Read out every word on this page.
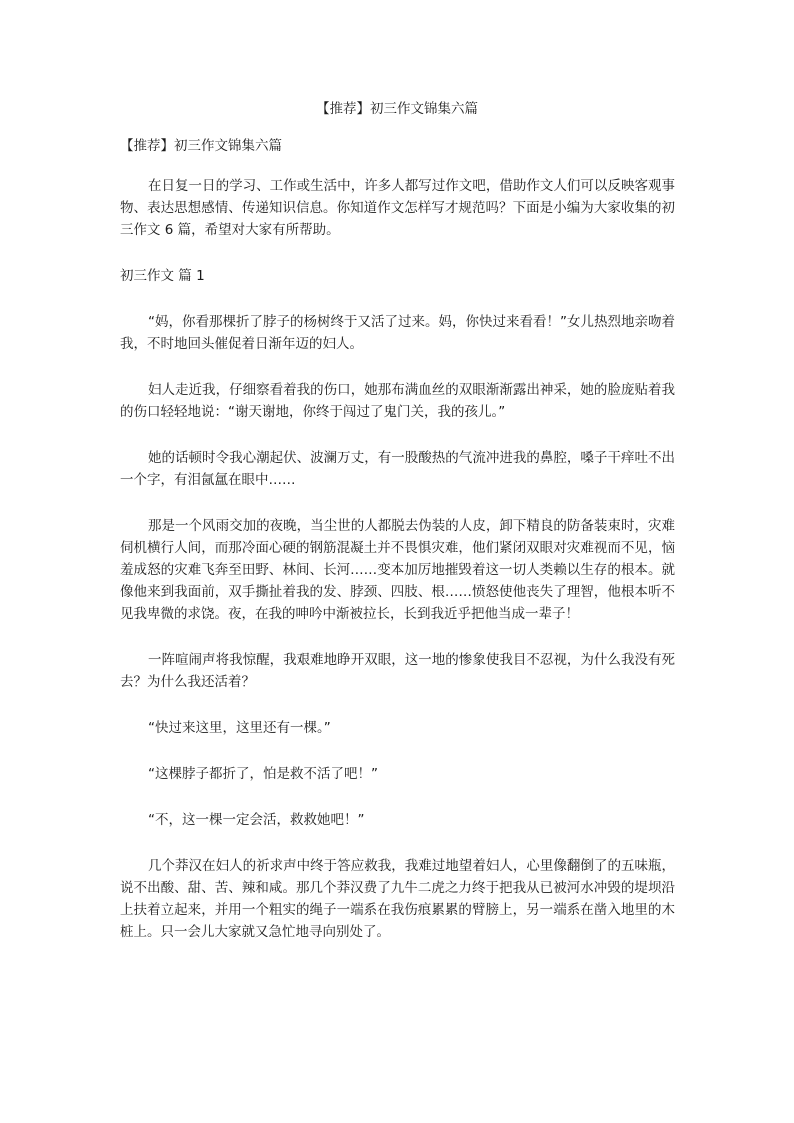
【推荐】初三作文锦集六篇

【推荐】初三作文锦集六篇

在日复一日的学习、工作或生活中，许多人都写过作文吧，借助作文人们可以反映客观事物、表达思想感情、传递知识信息。你知道作文怎样写才规范吗？下面是小编为大家收集的初三作文 6 篇，希望对大家有所帮助。

初三作文 篇 1

“妈，你看那棵折了脖子的杨树终于又活了过来。妈，你快过来看看！”女儿热烈地亲吻着我，不时地回头催促着日渐年迈的妇人。

妇人走近我，仔细察看着我的伤口，她那布满血丝的双眼渐渐露出神采，她的脸庞贴着我的伤口轻轻地说：“谢天谢地，你终于闯过了鬼门关，我的孩儿。”

她的话顿时令我心潮起伏、波澜万丈，有一股酸热的气流冲进我的鼻腔，嗓子干痒吐不出一个字，有泪氤氲在眼中……

那是一个风雨交加的夜晚，当尘世的人都脱去伪装的人皮，卸下精良的防备装束时，灾难伺机横行人间，而那冷面心硬的钢筋混凝土并不畏惧灾难，他们紧闭双眼对灾难视而不见，恼羞成怒的灾难飞奔至田野、林间、长河……变本加厉地摧毁着这一切人类赖以生存的根本。就像他来到我面前，双手撕扯着我的发、脖颈、四肢、根……愤怒使他丧失了理智，他根本听不见我卑微的求饶。夜，在我的呻吟中渐被拉长，长到我近乎把他当成一辈子！

一阵喧闹声将我惊醒，我艰难地睁开双眼，这一地的惨象使我目不忍视，为什么我没有死去？为什么我还活着？

“快过来这里，这里还有一棵。”

“这棵脖子都折了，怕是救不活了吧！”

“不，这一棵一定会活，救救她吧！”

几个莽汉在妇人的祈求声中终于答应救我，我难过地望着妇人，心里像翻倒了的五味瓶，说不出酸、甜、苦、辣和咸。那几个莽汉费了九牛二虎之力终于把我从已被河水冲毁的堤坝沿上扶着立起来，并用一个粗实的绳子一端系在我伤痕累累的臂膀上，另一端系在凿入地里的木桩上。只一会儿大家就又急忙地寻向别处了。
